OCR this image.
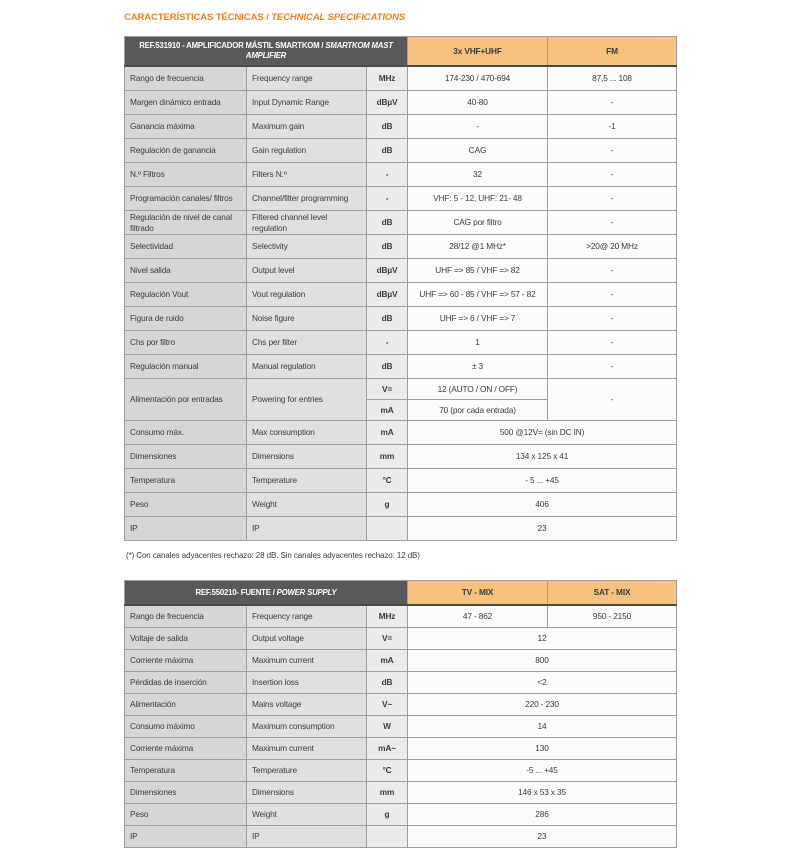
CARACTERÍSTICAS TÉCNICAS / TECHNICAL SPECIFICATIONS
REF.531910 - AMPLIFICADOR MÁSTIL SMARTKOM / SMARTKOM MAST AMPLIFIER			3x VHF+UHF	FM
Rango de frecuencia	Frequency range	MHz	174-230 / 470-694	87,5 ... 108
Margen dinámico entrada	Input Dynamic Range	dBµV	40-80	-
Ganancia máxima	Maximum gain	dB	-	-1
Regulación de ganancia	Gain regulation	dB	CAG	-
N.º Filtros	Filters N.º	-	32	-
Programación canales/ filtros	Channel/filter programming	-	VHF: 5 - 12, UHF: 21- 48	-
Regulación de nivel de canal filtrado	Filtered channel level regulation	dB	CAG por filtro	-
Selectividad	Selectivity	dB	28/12 @1 MHz*	>20@ 20 MHz
Nivel salida	Output level	dBµV	UHF => 85 / VHF => 82	-
Regulación Vout	Vout regulation	dBµV	UHF => 60 - 85 / VHF => 57 - 82	-
Figura de ruido	Noise figure	dB	UHF => 6 / VHF => 7	-
Chs por filtro	Chs per filter	-	1	-
Regulación manual	Manual regulation	dB	± 3	-
Alimentación por entradas	Powering for entries	V=	12 (AUTO / ON / OFF)	-
		mA	70 (por cada entrada)	
Consumo máx.	Max consumption	mA	500 @12V= (sin DC IN)	
Dimensiones	Dimensions	mm	134 x 125 x 41	
Temperatura	Temperature	°C	- 5 ... +45	
Peso	Weight	g	406	
IP	IP		23	
(*) Con canales adyacentes rechazo: 28 dB. Sin canales adyacentes rechazo: 12 dB)
REF.550210- FUENTE / POWER SUPPLY			TV - MIX	SAT - MIX
Rango de frecuencia	Frequency range	MHz	47 - 862	950 - 2150
Voltaje de salida	Output voltage	V=	12	
Corriente máxima	Maximum current	mA	800	
Pérdidas de inserción	Insertion loss	dB	<2	
Alimentación	Mains voltage	V~	220 - 230	
Consumo máximo	Maximum consumption	W	14	
Corriente máxima	Maximum current	mA~	130	
Temperatura	Temperature	°C	-5 ... +45	
Dimensiones	Dimensions	mm	146 x 53 x 35	
Peso	Weight	g	286	
IP	IP		23	
